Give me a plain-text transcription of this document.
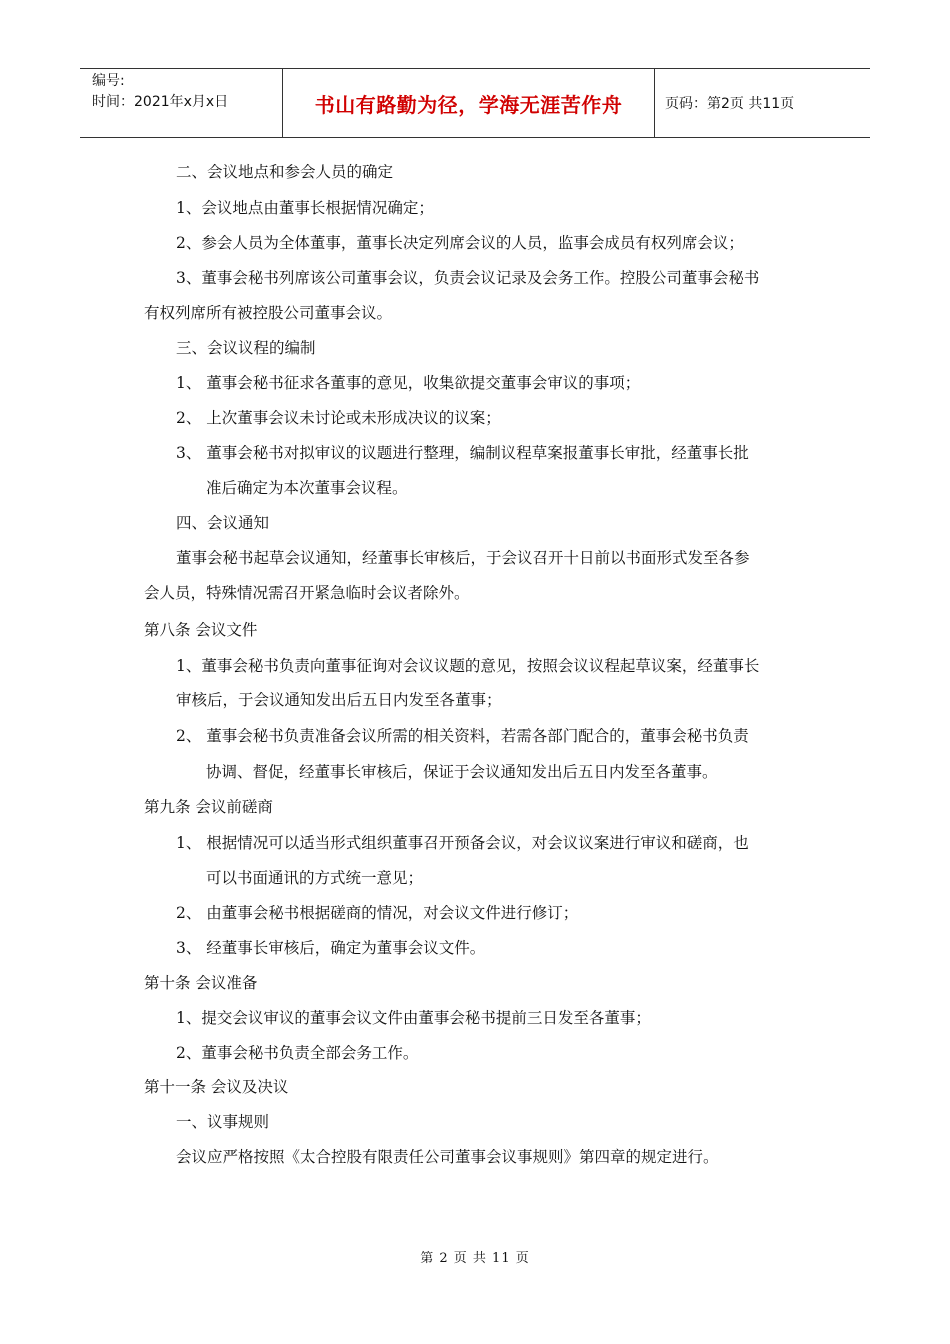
编号:
时间：2021年x月x日	书山有路勤为径，学海无涯苦作舟	页码：第2页 共11页
二、会议地点和参会人员的确定
1、会议地点由董事长根据情况确定；
2、参会人员为全体董事，董事长决定列席会议的人员，监事会成员有权列席会议；
3、董事会秘书列席该公司董事会议，负责会议记录及会务工作。控股公司董事会秘书
有权列席所有被控股公司董事会议。
三、会议议程的编制
1、 董事会秘书征求各董事的意见，收集欲提交董事会审议的事项；
2、 上次董事会议未讨论或未形成决议的议案；
3、 董事会秘书对拟审议的议题进行整理，编制议程草案报董事长审批，经董事长批
准后确定为本次董事会议程。
四、会议通知
董事会秘书起草会议通知，经董事长审核后，于会议召开十日前以书面形式发至各参
会人员，特殊情况需召开紧急临时会议者除外。
第八条 会议文件
1、董事会秘书负责向董事征询对会议议题的意见，按照会议议程起草议案，经董事长
审核后，于会议通知发出后五日内发至各董事；
2、 董事会秘书负责准备会议所需的相关资料，若需各部门配合的，董事会秘书负责
协调、督促，经董事长审核后，保证于会议通知发出后五日内发至各董事。
第九条 会议前磋商
1、 根据情况可以适当形式组织董事召开预备会议，对会议议案进行审议和磋商，也
可以书面通讯的方式统一意见；
2、 由董事会秘书根据磋商的情况，对会议文件进行修订；
3、 经董事长审核后，确定为董事会议文件。
第十条 会议准备
1、提交会议审议的董事会议文件由董事会秘书提前三日发至各董事；
2、董事会秘书负责全部会务工作。
第十一条 会议及决议
一、议事规则
会议应严格按照《太合控股有限责任公司董事会议事规则》第四章的规定进行。
第 2 页 共 11 页
